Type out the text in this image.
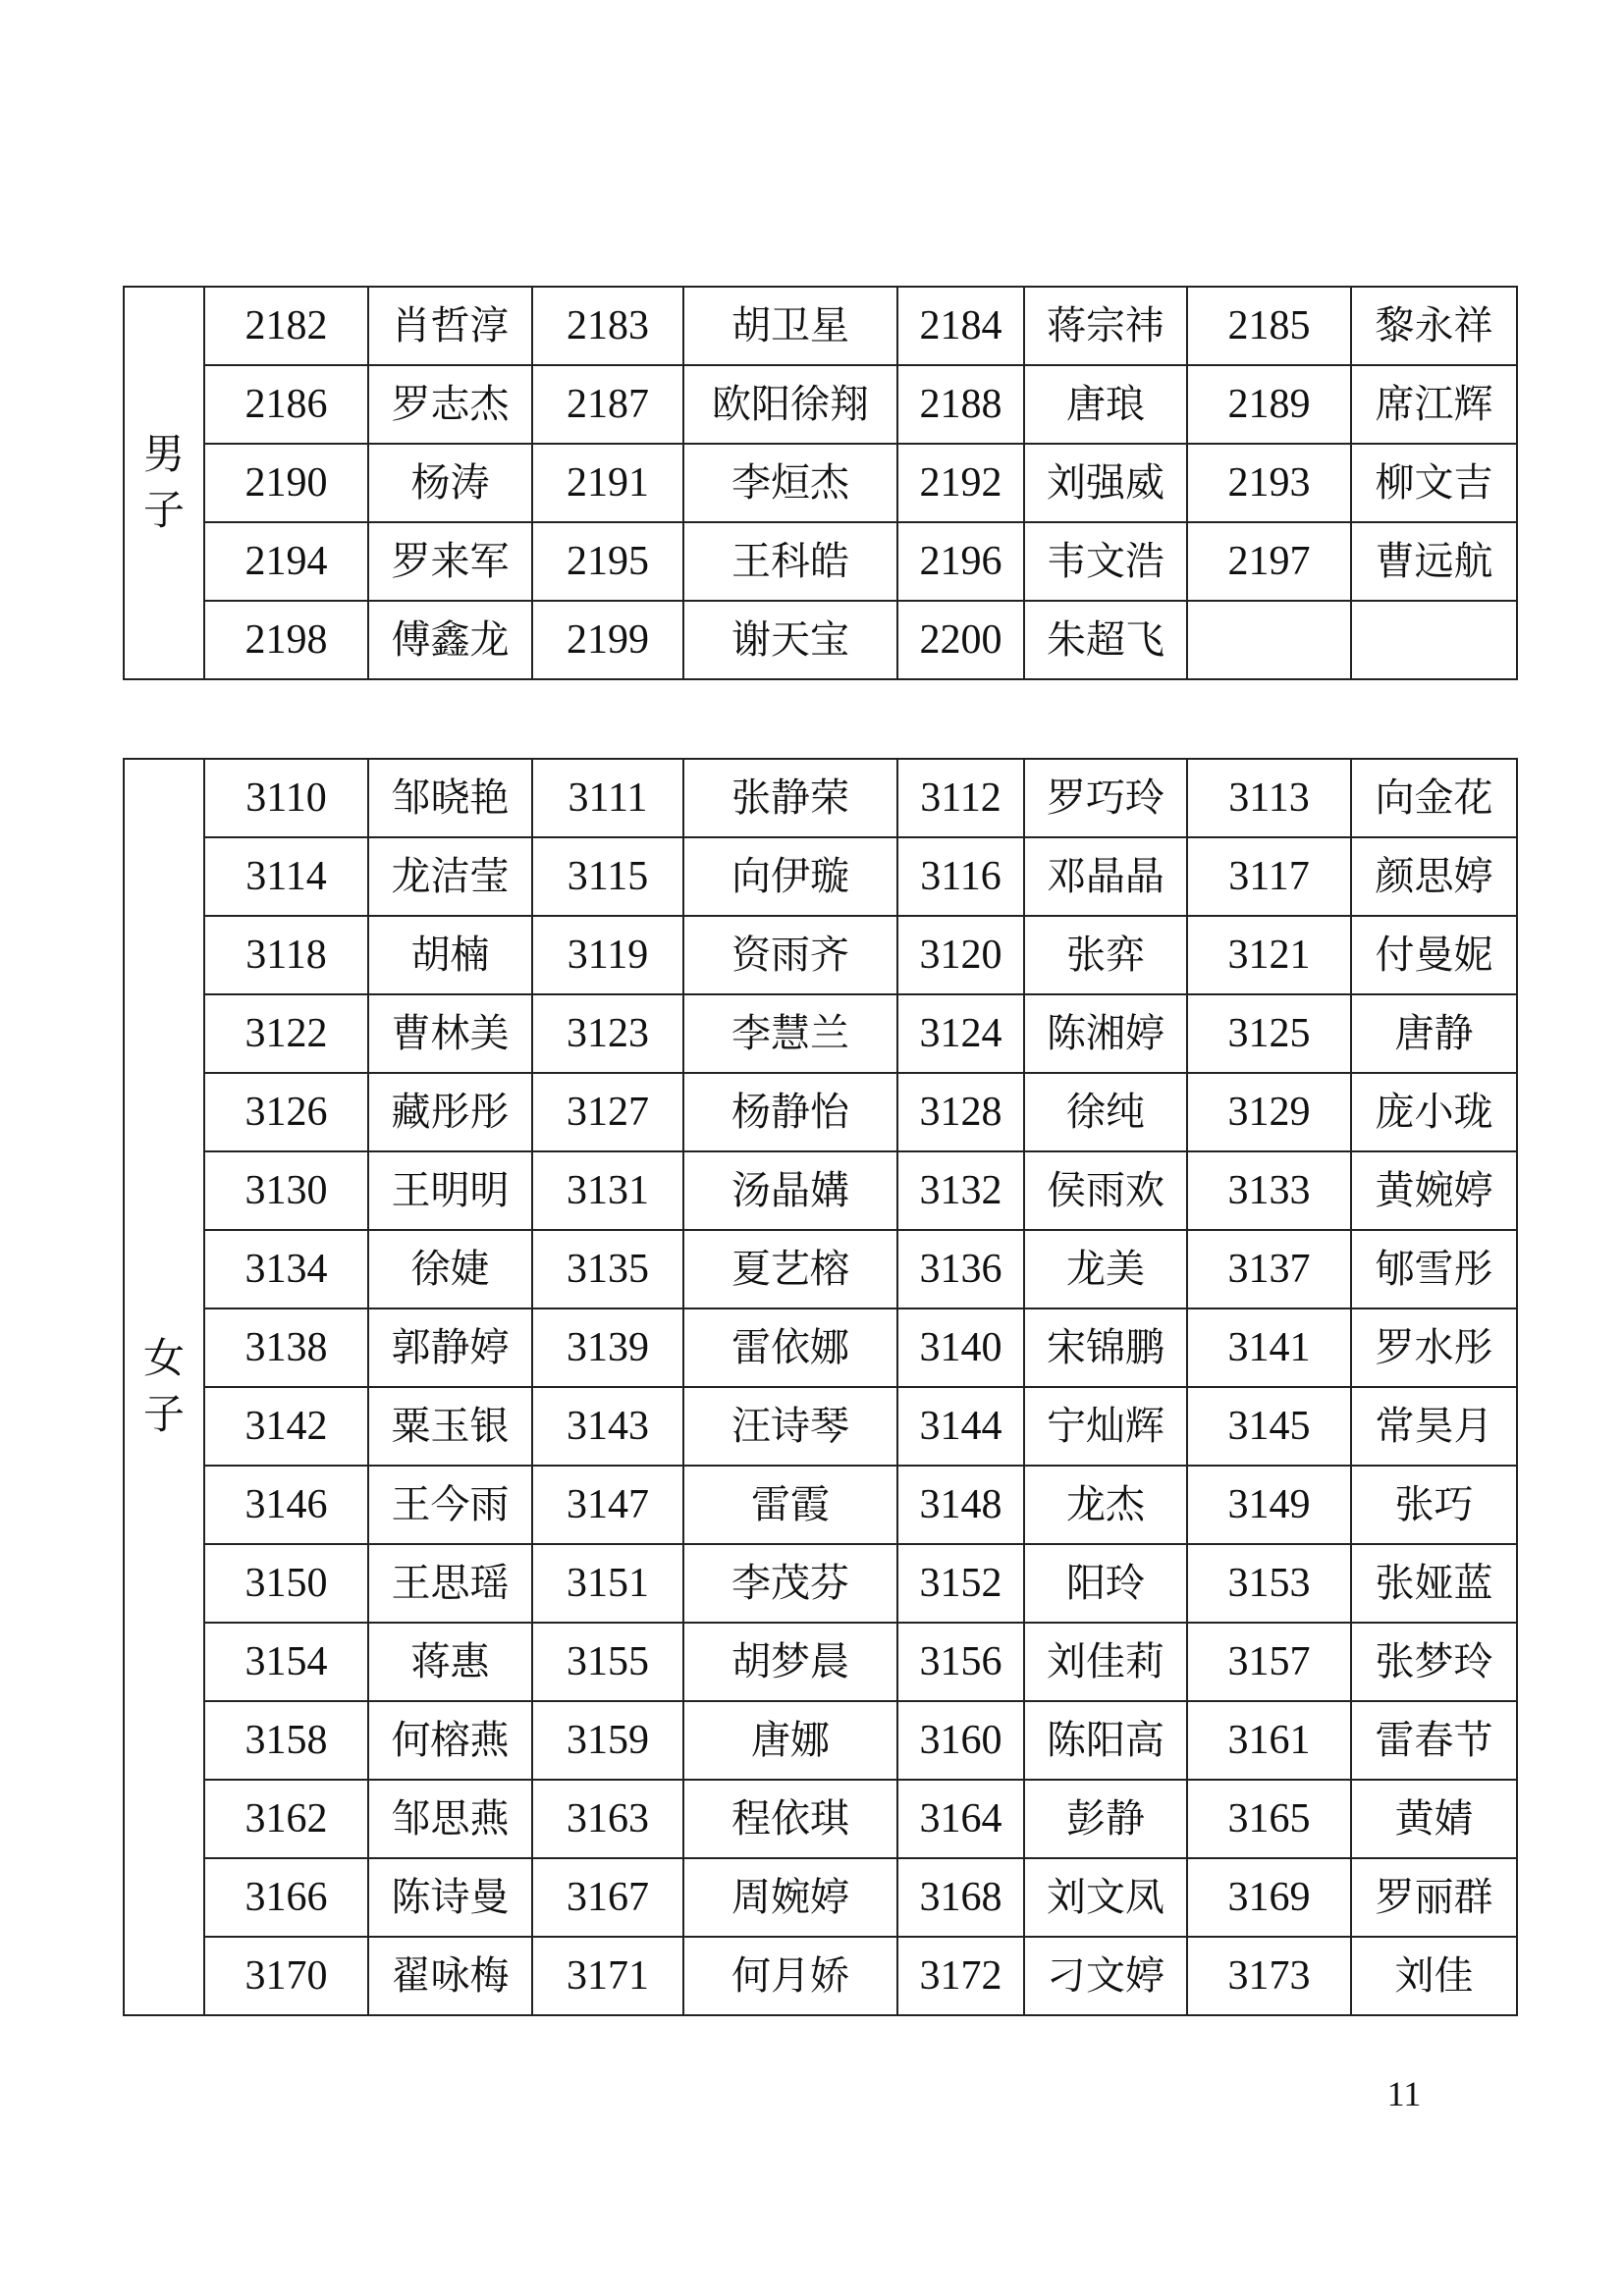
男
子	2182	肖哲淳	2183	胡卫星	2184	蒋宗祎	2185	黎永祥
	2186	罗志杰	2187	欧阳徐翔	2188	唐琅	2189	席江辉
	2190	杨涛	2191	李烜杰	2192	刘强威	2193	柳文吉
	2194	罗来军	2195	王科皓	2196	韦文浩	2197	曹远航
	2198	傅鑫龙	2199	谢天宝	2200	朱超飞		
女
子	3110	邹晓艳	3111	张静荣	3112	罗巧玲	3113	向金花
	3114	龙洁莹	3115	向伊璇	3116	邓晶晶	3117	颜思婷
	3118	胡楠	3119	资雨齐	3120	张弈	3121	付曼妮
	3122	曹林美	3123	李慧兰	3124	陈湘婷	3125	唐静
	3126	藏彤彤	3127	杨静怡	3128	徐纯	3129	庞小珑
	3130	王明明	3131	汤晶媾	3132	侯雨欢	3133	黄婉婷
	3134	徐婕	3135	夏艺榕	3136	龙美	3137	郇雪彤
	3138	郭静婷	3139	雷依娜	3140	宋锦鹏	3141	罗水彤
	3142	粟玉银	3143	汪诗琴	3144	宁灿辉	3145	常昊月
	3146	王今雨	3147	雷霞	3148	龙杰	3149	张巧
	3150	王思瑶	3151	李茂芬	3152	阳玲	3153	张娅蓝
	3154	蒋惠	3155	胡梦晨	3156	刘佳莉	3157	张梦玲
	3158	何榕燕	3159	唐娜	3160	陈阳高	3161	雷春节
	3162	邹思燕	3163	程依琪	3164	彭静	3165	黄婧
	3166	陈诗曼	3167	周婉婷	3168	刘文凤	3169	罗丽群
	3170	翟咏梅	3171	何月娇	3172	刁文婷	3173	刘佳
11
